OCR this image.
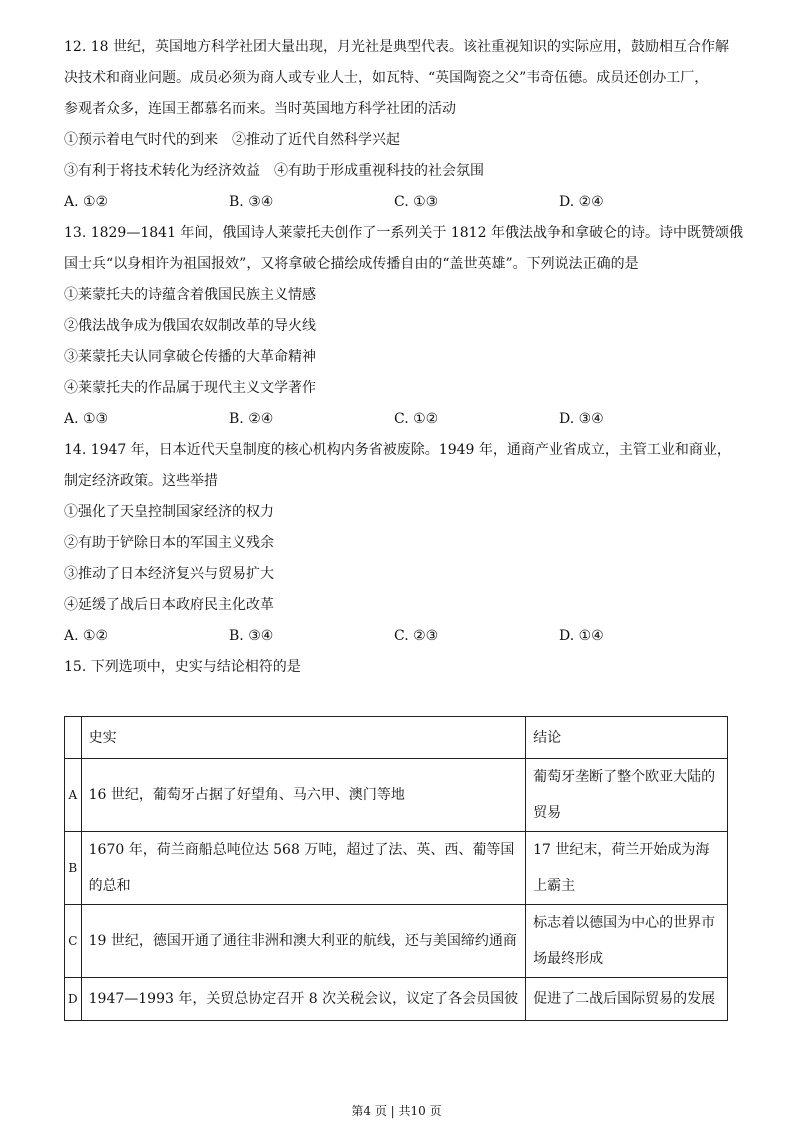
12. 18 世纪，英国地方科学社团大量出现，月光社是典型代表。该社重视知识的实际应用，鼓励相互合作解
决技术和商业问题。成员必须为商人或专业人士，如瓦特、“英国陶瓷之父”韦奇伍德。成员还创办工厂，
参观者众多，连国王都慕名而来。当时英国地方科学社团的活动
①预示着电气时代的到来　②推动了近代自然科学兴起
③有利于将技术转化为经济效益　④有助于形成重视科技的社会氛围
A. ①②	B. ③④	C. ①③	D. ②④
13. 1829—1841 年间，俄国诗人莱蒙托夫创作了一系列关于 1812 年俄法战争和拿破仑的诗。诗中既赞颂俄
国士兵“以身相许为祖国报效”，又将拿破仑描绘成传播自由的“盖世英雄”。下列说法正确的是
①莱蒙托夫的诗蕴含着俄国民族主义情感
②俄法战争成为俄国农奴制改革的导火线
③莱蒙托夫认同拿破仑传播的大革命精神
④莱蒙托夫的作品属于现代主义文学著作
A. ①③	B. ②④	C. ①②	D. ③④
14. 1947 年，日本近代天皇制度的核心机构内务省被废除。1949 年，通商产业省成立，主管工业和商业，
制定经济政策。这些举措
①强化了天皇控制国家经济的权力
②有助于铲除日本的军国主义残余
③推动了日本经济复兴与贸易扩大
④延缓了战后日本政府民主化改革
A. ①②	B. ③④	C. ②③	D. ①④
15. 下列选项中，史实与结论相符的是
	史实	结论
A	16 世纪，葡萄牙占据了好望角、马六甲、澳门等地	葡萄牙垄断了整个欧亚大陆的贸易
B	1670 年，荷兰商船总吨位达 568 万吨，超过了法、英、西、葡等国的总和	17 世纪末，荷兰开始成为海上霸主
C	19 世纪，德国开通了通往非洲和澳大利亚的航线，还与美国缔约通商	标志着以德国为中心的世界市场最终形成
D	1947—1993 年，关贸总协定召开 8 次关税会议，议定了各会员国彼	促进了二战后国际贸易的发展
第4 页 | 共10 页
